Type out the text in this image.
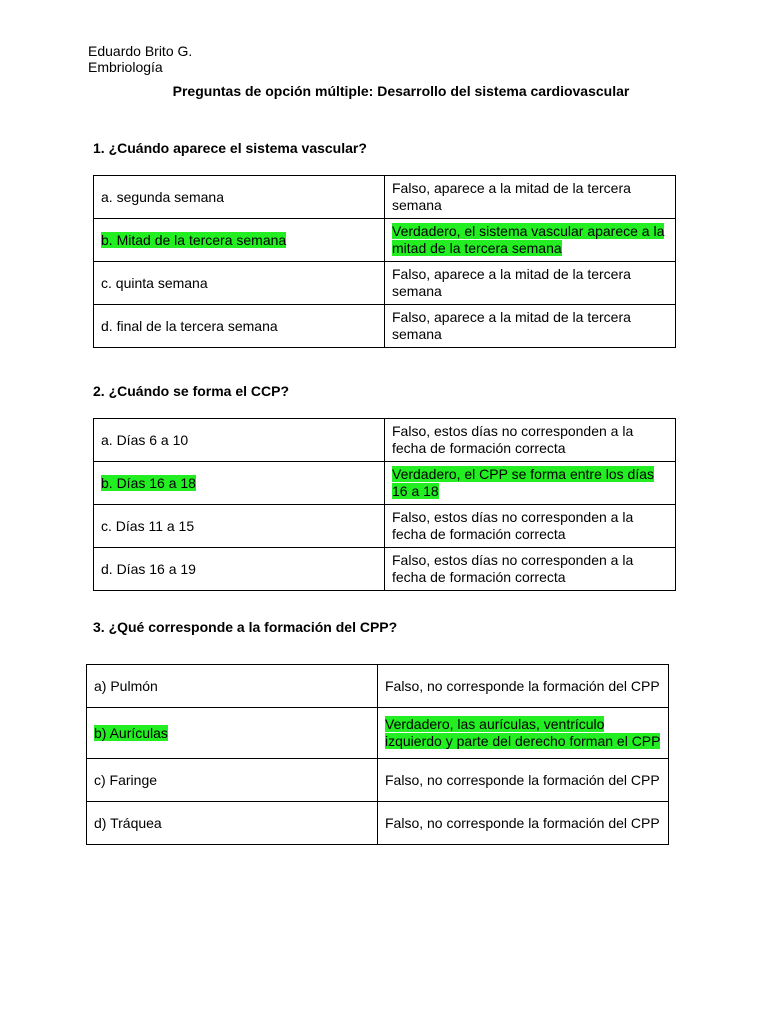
Eduardo Brito G.
Embriología
Preguntas de opción múltiple: Desarrollo del sistema cardiovascular
1. ¿Cuándo aparece el sistema vascular?
a. segunda semana	Falso, aparece a la mitad de la tercera semana
b. Mitad de la tercera semana	Verdadero, el sistema vascular aparece a la mitad de la tercera semana
c. quinta semana	Falso, aparece a la mitad de la tercera semana
d. final de la tercera semana	Falso, aparece a la mitad de la tercera semana
2. ¿Cuándo se forma el CCP?
a. Días 6 a 10	Falso, estos días no corresponden a la fecha de formación correcta
b. Días 16 a 18	Verdadero, el CPP se forma entre los días 16 a 18
c. Días 11 a 15	Falso, estos días no corresponden a la fecha de formación correcta
d. Días 16 a 19	Falso, estos días no corresponden a la fecha de formación correcta
3. ¿Qué corresponde a la formación del CPP?
a) Pulmón	Falso, no corresponde la formación del CPP
b) Aurículas	Verdadero, las aurículas, ventrículo izquierdo y parte del derecho forman el CPP
c) Faringe	Falso, no corresponde la formación del CPP
d) Tráquea	Falso, no corresponde la formación del CPP
